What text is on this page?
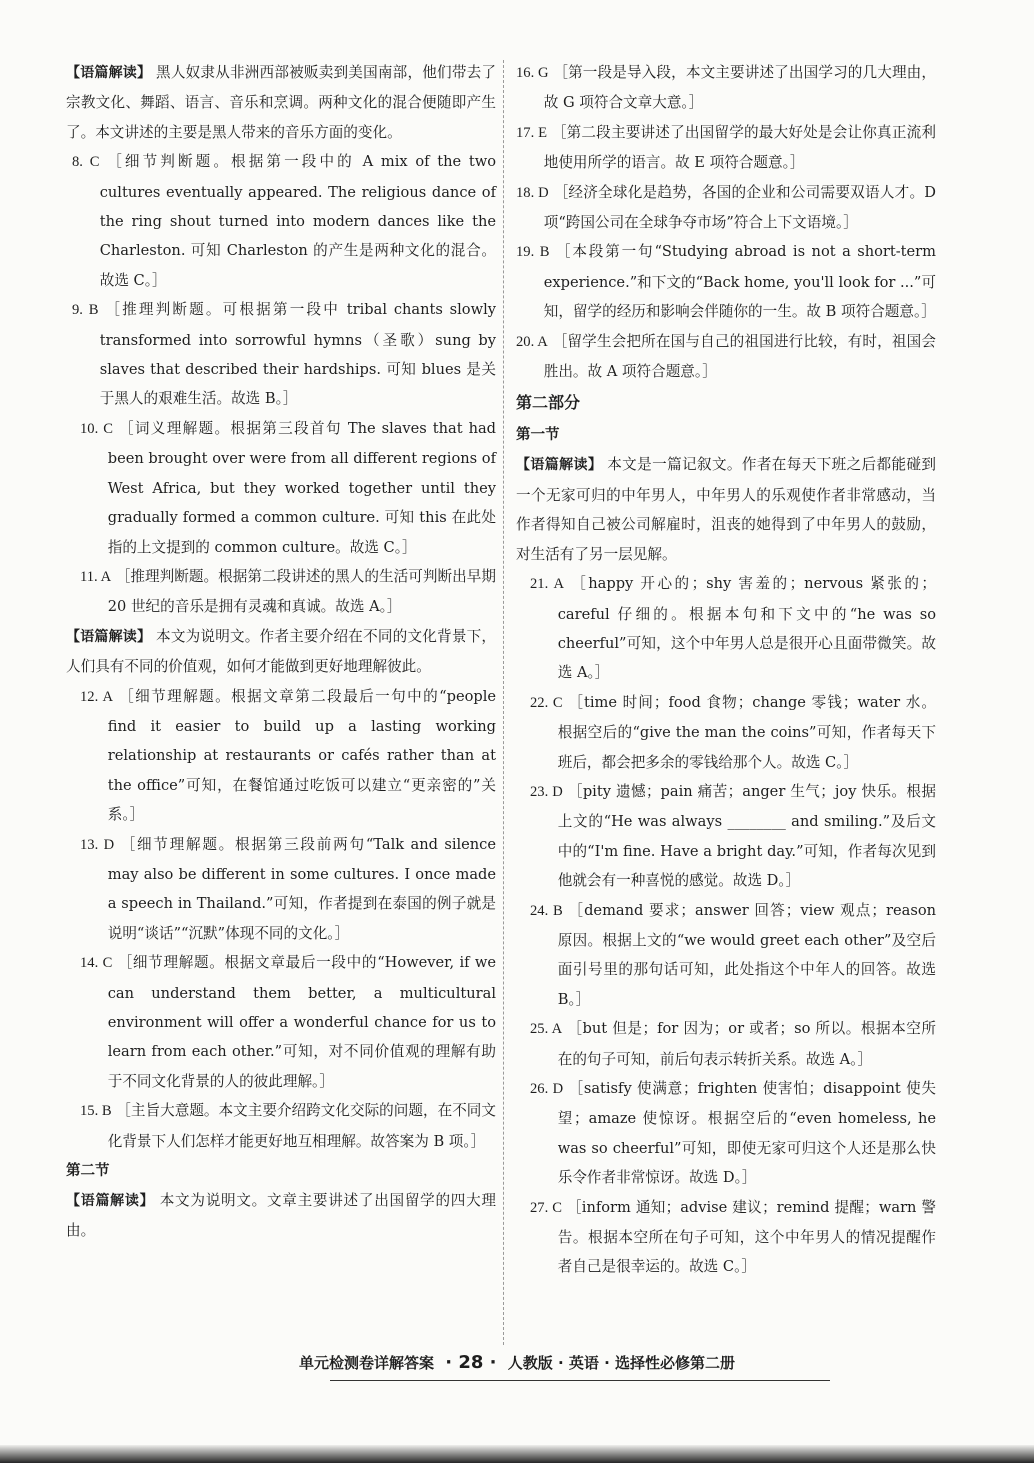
【语篇解读】 黑人奴隶从非洲西部被贩卖到美国南部，他们带去了宗教文化、舞蹈、语言、音乐和烹调。两种文化的混合便随即产生了。本文讲述的主要是黑人带来的音乐方面的变化。

8. C ［细节判断题。根据第一段中的 A mix of the two cultures eventually appeared. The religious dance of the ring shout turned into modern dances like the Charleston. 可知 Charleston 的产生是两种文化的混合。故选 C。］

9. B ［推理判断题。可根据第一段中 tribal chants slowly transformed into sorrowful hymns（圣歌）sung by slaves that described their hardships. 可知 blues 是关于黑人的艰难生活。故选 B。］

10. C ［词义理解题。根据第三段首句 The slaves that had been brought over were from all different regions of West Africa, but they worked together until they gradually formed a common culture. 可知 this 在此处指的上文提到的 common culture。故选 C。］

11. A ［推理判断题。根据第二段讲述的黑人的生活可判断出早期 20 世纪的音乐是拥有灵魂和真诚。故选 A。］

【语篇解读】 本文为说明文。作者主要介绍在不同的文化背景下，人们具有不同的价值观，如何才能做到更好地理解彼此。

12. A ［细节理解题。根据文章第二段最后一句中的“people find it easier to build up a lasting working relationship at restaurants or cafés rather than at the office”可知，在餐馆通过吃饭可以建立“更亲密的”关系。］

13. D ［细节理解题。根据第三段前两句“Talk and silence may also be different in some cultures. I once made a speech in Thailand.”可知，作者提到在泰国的例子就是说明“谈话”“沉默”体现不同的文化。］

14. C ［细节理解题。根据文章最后一段中的“However, if we can understand them better, a multicultural environment will offer a wonderful chance for us to learn from each other.”可知，对不同价值观的理解有助于不同文化背景的人的彼此理解。］

15. B ［主旨大意题。本文主要介绍跨文化交际的问题，在不同文化背景下人们怎样才能更好地互相理解。故答案为 B 项。］

第二节

【语篇解读】 本文为说明文。文章主要讲述了出国留学的四大理由。

16. G ［第一段是导入段，本文主要讲述了出国学习的几大理由，故 G 项符合文章大意。］

17. E ［第二段主要讲述了出国留学的最大好处是会让你真正流利地使用所学的语言。故 E 项符合题意。］

18. D ［经济全球化是趋势，各国的企业和公司需要双语人才。D 项“跨国公司在全球争夺市场”符合上下文语境。］

19. B ［本段第一句“Studying abroad is not a short-term experience.”和下文的“Back home, you'll look for ...”可知，留学的经历和影响会伴随你的一生。故 B 项符合题意。］

20. A ［留学生会把所在国与自己的祖国进行比较，有时，祖国会胜出。故 A 项符合题意。］

第二部分

第一节

【语篇解读】 本文是一篇记叙文。作者在每天下班之后都能碰到一个无家可归的中年男人，中年男人的乐观使作者非常感动，当作者得知自己被公司解雇时，沮丧的她得到了中年男人的鼓励，对生活有了另一层见解。

21. A ［happy 开心的；shy 害羞的；nervous 紧张的；careful 仔细的。根据本句和下文中的“he was so cheerful”可知，这个中年男人总是很开心且面带微笑。故选 A。］

22. C ［time 时间；food 食物；change 零钱；water 水。根据空后的“give the man the coins”可知，作者每天下班后，都会把多余的零钱给那个人。故选 C。］

23. D ［pity 遗憾；pain 痛苦；anger 生气；joy 快乐。根据上文的“He was always ________ and smiling.”及后文中的“I'm fine. Have a bright day.”可知，作者每次见到他就会有一种喜悦的感觉。故选 D。］

24. B ［demand 要求；answer 回答；view 观点；reason 原因。根据上文的“we would greet each other”及空后面引号里的那句话可知，此处指这个中年人的回答。故选 B。］

25. A ［but 但是；for 因为；or 或者；so 所以。根据本空所在的句子可知，前后句表示转折关系。故选 A。］

26. D ［satisfy 使满意；frighten 使害怕；disappoint 使失望；amaze 使惊讶。根据空后的“even homeless, he was so cheerful”可知，即使无家可归这个人还是那么快乐令作者非常惊讶。故选 D。］

27. C ［inform 通知；advise 建议；remind 提醒；warn 警告。根据本空所在句子可知，这个中年男人的情况提醒作者自己是很幸运的。故选 C。］

单元检测卷详解答案 · 28 · 人教版 · 英语 · 选择性必修第二册
